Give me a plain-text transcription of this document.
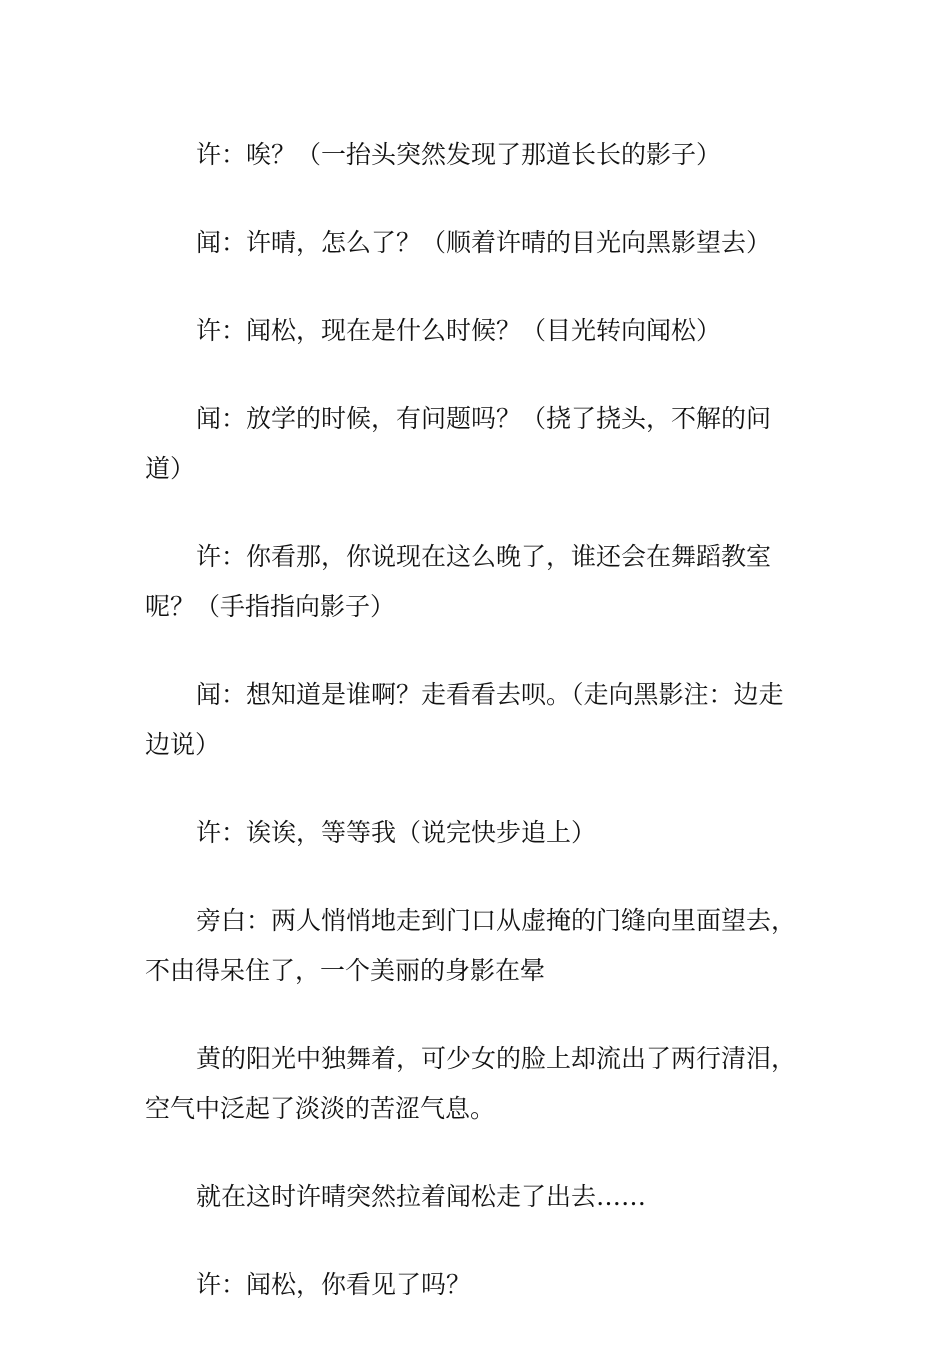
许：唉？（一抬头突然发现了那道长长的影子）

闻：许晴，怎么了？（顺着许晴的目光向黑影望去）

许：闻松，现在是什么时候？（目光转向闻松）

闻：放学的时候，有问题吗？（挠了挠头，不解的问道）

许：你看那，你说现在这么晚了，谁还会在舞蹈教室呢？（手指指向影子）

闻：想知道是谁啊？走看看去呗。（走向黑影注：边走边说）

许：诶诶，等等我（说完快步追上）

旁白：两人悄悄地走到门口从虚掩的门缝向里面望去，不由得呆住了，一个美丽的身影在晕

黄的阳光中独舞着，可少女的脸上却流出了两行清泪，空气中泛起了淡淡的苦涩气息。

就在这时许晴突然拉着闻松走了出去……

许：闻松，你看见了吗？
